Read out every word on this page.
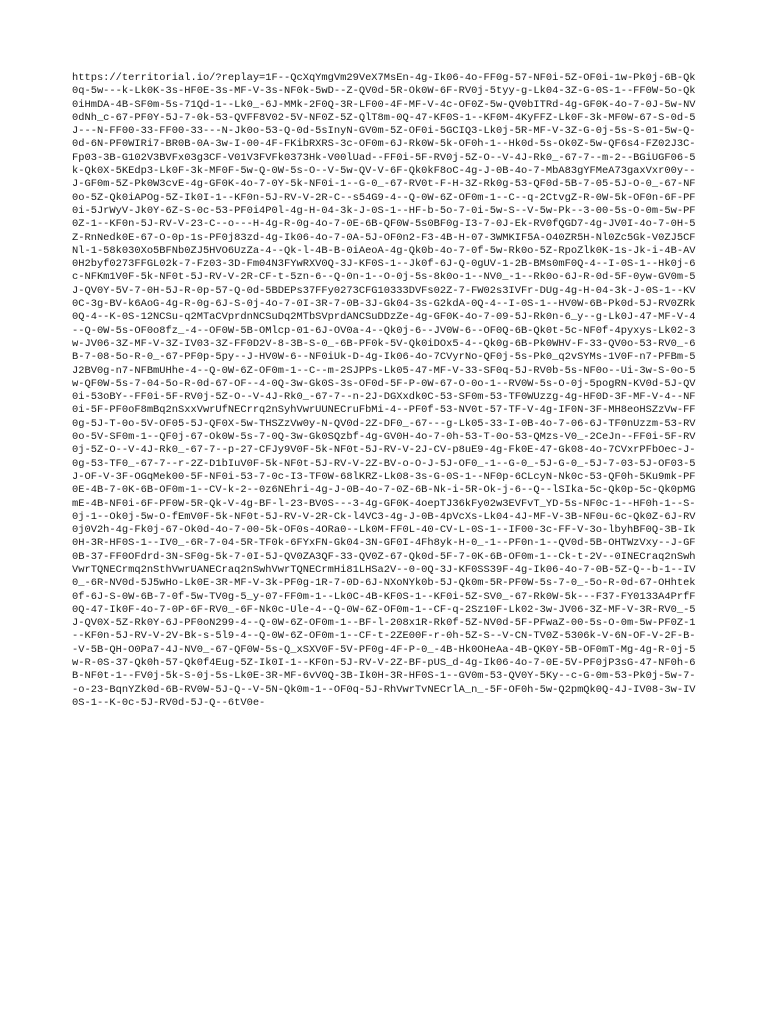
https://territorial.io/?replay=1F--QcXqYmgVm29VeX7MsEn-4g-Ik06-4o-FF0g-57-NF0i-5Z-OF0i-1w-Pk0j-6B-Qk0q-5w---k-Lk0K-3s-HF0E-3s-MF-V-3s-NF0k-5wD--Z-QV0d-5R-Ok0W-6F-RV0j-5tyy-g-Lk04-3Z-G-0S-1--FF0W-5o-Qk0iHmDA-4B-SF0m-5s-71Qd-1--Lk0_-6J-MMk-2F0Q-3R-LF00-4F-MF-V-4c-OF0Z-5w-QV0bITRd-4g-GF0K-4o-7-0J-5w-NV0dNh_c-67-PF0Y-5J-7-0k-53-QVFF8V02-5V-NF0Z-5Z-QlT8m-0Q-47-KF0S-1--KF0M-4KyFFZ-Lk0F-3k-MF0W-67-S-0d-5J---N-FF00-33-FF00-33---N-Jk0o-53-Q-0d-5sInyN-GV0m-5Z-OF0i-5GCIQ3-Lk0j-5R-MF-V-3Z-G-0j-5s-S-01-5w-Q-0d-6N-PF0WIRi7-BR0B-0A-3w-I-00-4F-FKibRXRS-3c-OF0m-6J-Rk0W-5k-OF0h-1--Hk0d-5s-Ok0Z-5w-QF6s4-FZ02J3C-Fp03-3B-G102V3BVFx03g3CF-V01V3FVFk0373Hk-V00lUad--FF0i-5F-RV0j-5Z-O--V-4J-Rk0_-67-7--m-2--BGiUGF06-5k-Qk0X-5KEdp3-Lk0F-3k-MF0F-5w-Q-0W-5s-O--V-5w-QV-V-6F-Qk0kF8oC-4g-J-0B-4o-7-MbA83gYFMeA73gaxVxr00y--J-GF0m-5Z-Pk0W3cvE-4g-GF0K-4o-7-0Y-5k-NF0i-1--G-0_-67-RV0t-F-H-3Z-Rk0g-53-QF0d-5B-7-05-5J-O-0_-67-NF0o-5Z-Qk0iAPOg-5Z-Ik0I-1--KF0n-5J-RV-V-2R-C--s54G9-4--Q-0W-6Z-OF0m-1--C--q-2CtvgZ-R-0W-5k-OF0n-6F-PF0i-5JrWyV-Jk0Y-6Z-S-0c-53-PF0i4P0l-4g-H-04-3k-J-0S-1--HF-b-5o-7-0i-5w-S--V-5w-Pk--3-00-5s-O-0m-5w-PF0Z-1--KF0n-5J-RV-V-23-C--o---H-4g-R-0g-4o-7-0E-6B-QF0W-5s0BF0g-I3-7-0J-Ek-RV0fQGD7-4g-JV0I-4o-7-0H-5Z-RnNedk0E-67-O-0p-1s-PF0j83zd-4g-Ik06-4o-7-0A-5J-OF0n2-F3-4B-H-07-3WMKIF5A-O40ZR5H-Nl0Zc5Gk-V0ZJ5CFNl-1-58k030Xo5BFNb0ZJ5HVO6UzZa-4--Qk-l-4B-B-0iAeoA-4g-Qk0b-4o-7-0f-5w-Rk0o-5Z-RpoZlk0K-1s-Jk-i-4B-AV0H2byf0273FFGL02k-7-Fz03-3D-Fm04N3FYwRXV0Q-3J-KF0S-1--Jk0f-6J-Q-0gUV-1-2B-BMs0mF0Q-4--I-0S-1--Hk0j-6c-NFKm1V0F-5k-NF0t-5J-RV-V-2R-CF-t-5zn-6--Q-0n-1--O-0j-5s-8k0o-1--NV0_-1--Rk0o-6J-R-0d-5F-0yw-GV0m-5J-QV0Y-5V-7-0H-5J-R-0p-57-Q-0d-5BDEPs37FFy0273CFG10333DVFs02Z-7-FW02s3IVFr-DUg-4g-H-04-3k-J-0S-1--KV0C-3g-BV-k6AoG-4g-R-0g-6J-S-0j-4o-7-0I-3R-7-0B-3J-Gk04-3s-G2kdA-0Q-4--I-0S-1--HV0W-6B-Pk0d-5J-RV0ZRk0Q-4--K-0S-12NCSu-q2MTaCVprdnNCSuDq2MTbSVprdANCSuDDzZe-4g-GF0K-4o-7-09-5J-Rk0n-6_y--g-Lk0J-47-MF-V-4--Q-0W-5s-OF0o8fz_-4--OF0W-5B-OMlcp-01-6J-OV0a-4--Qk0j-6--JV0W-6--OF0Q-6B-Qk0t-5c-NF0f-4pyxys-Lk02-3w-JV06-3Z-MF-V-3Z-IV03-3Z-FF0D2V-8-3B-S-0_-6B-PF0k-5V-Qk0iDOx5-4--Qk0g-6B-Pk0WHV-F-33-QV0o-53-RV0_-6B-7-08-5o-R-0_-67-PF0p-5py--J-HV0W-6--NF0iUk-D-4g-Ik06-4o-7CVyrNo-QF0j-5s-Pk0_q2vSYMs-1V0F-n7-PFBm-5J2BV0g-n7-NFBmUHhe-4--Q-0W-6Z-OF0m-1--C--m-2SJPPs-Lk05-47-MF-V-33-SF0q-5J-RV0b-5s-NF0o--Ui-3w-S-0o-5w-QF0W-5s-7-04-5o-R-0d-67-OF--4-0Q-3w-Gk0S-3s-OF0d-5F-P-0W-67-O-0o-1--RV0W-5s-O-0j-5pogRN-KV0d-5J-QV0i-53oBY--FF0i-5F-RV0j-5Z-O--V-4J-Rk0_-67-7--n-2J-DGXxdk0C-53-SF0m-53-TF0WUzzg-4g-HF0D-3F-MF-V-4--NF0i-5F-PF0oF8mBq2nSxxVwrUfNECrrq2nSyhVwrUUNECruFbMi-4--PF0f-53-NV0t-57-TF-V-4g-IF0N-3F-MH8eoHSZzVw-FF0g-5J-T-0o-5V-OF05-5J-QF0X-5w-THSZzVw0y-N-QV0d-2Z-DF0_-67---g-Lk05-33-I-0B-4o-7-06-6J-TF0nUzzm-53-RV0o-5V-SF0m-1--QF0j-67-Ok0W-5s-7-0Q-3w-Gk0SQzbf-4g-GV0H-4o-7-0h-53-T-0o-53-QMzs-V0_-2CeJn--FF0i-5F-RV0j-5Z-O--V-4J-Rk0_-67-7--p-27-CFJy9V0F-5k-NF0t-5J-RV-V-2J-CV-p8uE9-4g-Fk0E-47-Gk08-4o-7CVxrPFbOec-J-0g-53-TF0_-67-7--r-2Z-D1bIuV0F-5k-NF0t-5J-RV-V-2Z-BV-o-O-J-5J-OF0_-1--G-0_-5J-G-0_-5J-7-03-5J-OF03-5J-OF-V-3F-OGqMek00-5F-NF0i-53-7-0c-I3-TF0W-68lKRZ-Lk08-3s-G-0S-1--NF0p-6CLcyN-Nk0c-53-QF0h-5Ku9mk-PF0E-4B-7-0K-6B-OF0m-1--CV-k-2--0z6NEhri-4g-J-0B-4o-7-0Z-6B-Nk-i-5R-Ok-j-6--Q--lSIka-5c-Qk0p-5c-Qk0pMGmE-4B-NF0i-6F-PF0W-5R-Qk-V-4g-BF-l-23-BV0S---3-4g-GF0K-4oepTJ36kFy02w3EVFvT_YD-5s-NF0c-1--HF0h-1--S-0j-1--Ok0j-5w-O-fEmV0F-5k-NF0t-5J-RV-V-2R-Ck-l4VC3-4g-J-0B-4pVcXs-Lk04-4J-MF-V-3B-NF0u-6c-Qk0Z-6J-RV0j0V2h-4g-Fk0j-67-Ok0d-4o-7-00-5k-OF0s-4ORa0--Lk0M-FF0L-40-CV-L-0S-1--IF00-3c-FF-V-3o-lbyhBF0Q-3B-Ik0H-3R-HF0S-1--IV0_-6R-7-04-5R-TF0k-6FYxFN-Gk04-3N-GF0I-4Fh8yk-H-0_-1--PF0n-1--QV0d-5B-OHTWzVxy--J-GF0B-37-FF0OFdrd-3N-SF0g-5k-7-0I-5J-QV0ZA3QF-33-QV0Z-67-Qk0d-5F-7-0K-6B-OF0m-1--Ck-t-2V--0INECraq2nSwhVwrTQNECrmq2nSthVwrUANECraq2nSwhVwrTQNECrmHi81LHSa2V--0-0Q-3J-KF0SS39F-4g-Ik06-4o-7-0B-5Z-Q--b-1--IV0_-6R-NV0d-5J5wHo-Lk0E-3R-MF-V-3k-PF0g-1R-7-0D-6J-NXoNYk0b-5J-Qk0m-5R-PF0W-5s-7-0_-5o-R-0d-67-OHhtek0f-6J-S-0W-6B-7-0f-5w-TV0g-5_y-07-FF0m-1--Lk0C-4B-KF0S-1--KF0i-5Z-SV0_-67-Rk0W-5k---F37-FY0133A4PrfF0Q-47-Ik0F-4o-7-0P-6F-RV0_-6F-Nk0c-Ule-4--Q-0W-6Z-OF0m-1--CF-q-2Sz10F-Lk02-3w-JV06-3Z-MF-V-3R-RV0_-5J-QV0X-5Z-Rk0Y-6J-PF0oN299-4--Q-0W-6Z-OF0m-1--BF-l-208x1R-Rk0f-5Z-NV0d-5F-PFwaZ-00-5s-O-0m-5w-PF0Z-1--KF0n-5J-RV-V-2V-Bk-s-5l9-4--Q-0W-6Z-OF0m-1--CF-t-2ZE00F-r-0h-5Z-S--V-CN-TV0Z-5306k-V-6N-OF-V-2F-B--V-5B-QH-O0Pa7-4J-NV0_-67-QF0W-5s-Q_xSXV0F-5V-PF0g-4F-P-0_-4B-Hk0OHeAa-4B-QK0Y-5B-OF0mT-Mg-4g-R-0j-5w-R-0S-37-Qk0h-57-Qk0f4Eug-5Z-Ik0I-1--KF0n-5J-RV-V-2Z-BF-pUS_d-4g-Ik06-4o-7-0E-5V-PF0jP3sG-47-NF0h-6B-NF0t-1--FV0j-5k-S-0j-5s-Lk0E-3R-MF-6vV0Q-3B-Ik0H-3R-HF0S-1--GV0m-53-QV0Y-5Ky--c-G-0m-53-Pk0j-5w-7--o-23-BqnYZk0d-6B-RV0W-5J-Q--V-5N-Qk0m-1--OF0q-5J-RhVwrTvNECrlA_n_-5F-OF0h-5w-Q2pmQk0Q-4J-IV08-3w-IV0S-1--K-0c-5J-RV0d-5J-Q--6tV0e-
